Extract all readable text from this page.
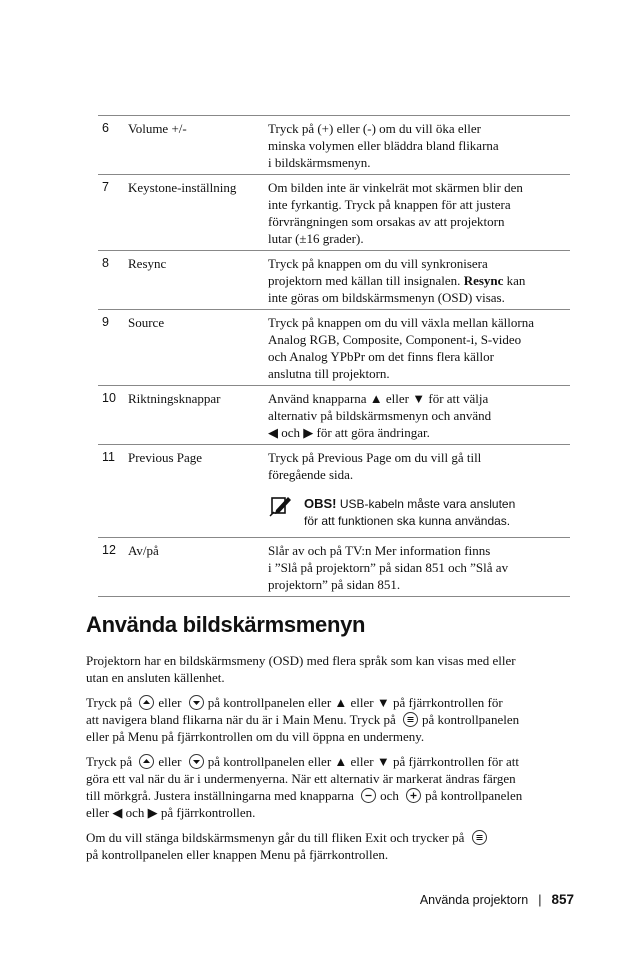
6	Volume +/-	Tryck på (+) eller (-) om du vill öka eller
minska volymen eller bläddra bland flikarna
i bildskärmsmenyn.
7	Keystone-inställning	Om bilden inte är vinkelrät mot skärmen blir den
inte fyrkantig. Tryck på knappen för att justera
förvrängningen som orsakas av att projektorn
lutar (±16 grader).
8	Resync	Tryck på knappen om du vill synkronisera
projektorn med källan till insignalen. Resync kan
inte göras om bildskärmsmenyn (OSD) visas.
9	Source	Tryck på knappen om du vill växla mellan källorna
Analog RGB, Composite, Component-i, S-video
och Analog YPbPr om det finns flera källor
anslutna till projektorn.
10 Riktningsknappar	Använd knapparna ▲ eller ▼ för att välja
alternativ på bildskärmsmenyn och använd
◀ och ▶ för att göra ändringar.
11	Previous Page	Tryck på Previous Page om du vill gå till
föregående sida.
OBS! USB-kabeln måste vara ansluten
för att funktionen ska kunna användas.
12 Av/på	Slår av och på TV:n Mer information finns
i ”Slå på projektorn” på sidan 851 och ”Slå av
projektorn” på sidan 851.
Använda bildskärmsmenyn

Projektorn har en bildskärmsmeny (OSD) med flera språk som kan visas med eller
utan en ansluten källenhet.

Tryck på eller på kontrollpanelen eller ▲ eller ▼ på fjärrkontrollen för
att navigera bland flikarna när du är i Main Menu. Tryck på på kontrollpanelen
eller på Menu på fjärrkontrollen om du vill öppna en undermeny.

Tryck på eller på kontrollpanelen eller ▲ eller ▼ på fjärrkontrollen för att
göra ett val när du är i undermenyerna. När ett alternativ är markerat ändras färgen
till mörkgrå. Justera inställningarna med knapparna och på kontrollpanelen
eller ◀ och ▶ på fjärrkontrollen.

Om du vill stänga bildskärmsmenyn går du till fliken Exit och trycker på

på kontrollpanelen eller knappen Menu på fjärrkontrollen.

Använda projektorn | 857
